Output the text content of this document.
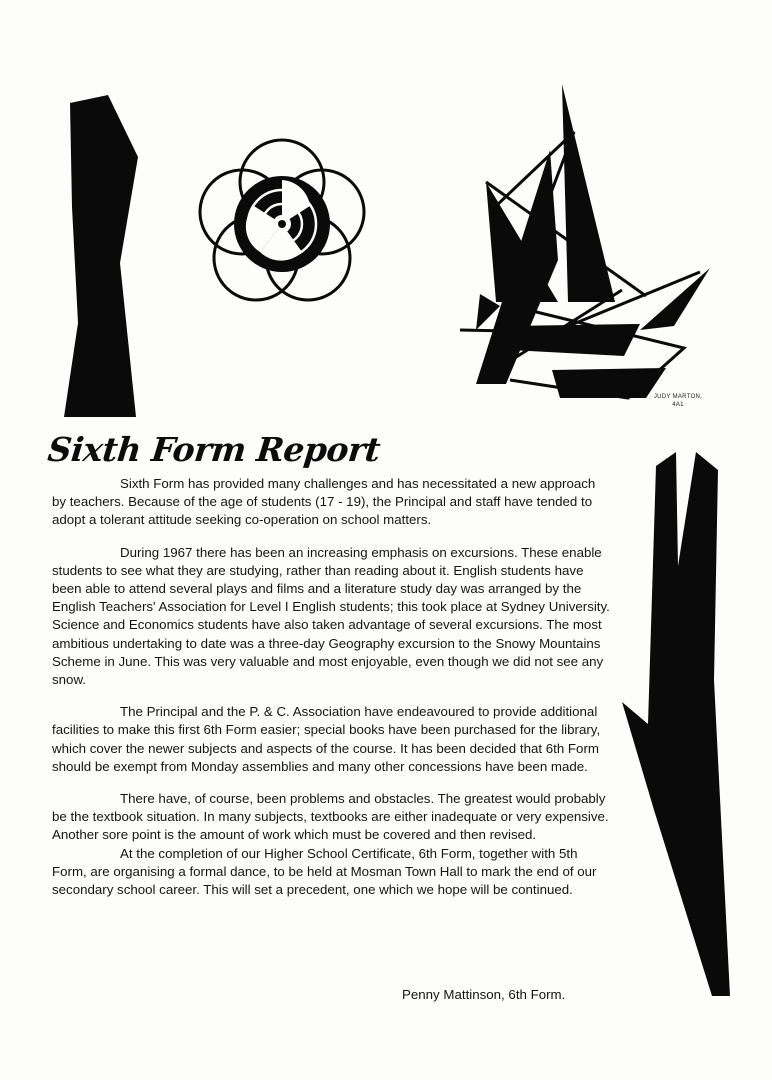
JUDY MARTON,
4A1
Sixth Form Report

Sixth Form has provided many challenges and has necessitated a new approach by teachers. Because of the age of students (17 - 19), the Principal and staff have tended to adopt a tolerant attitude seeking co-operation on school matters.

During 1967 there has been an increasing emphasis on excursions. These enable students to see what they are studying, rather than reading about it. English students have been able to attend several plays and films and a literature study day was arranged by the English Teachers' Association for Level I English students; this took place at Sydney University. Science and Economics students have also taken advantage of several excursions. The most ambitious undertaking to date was a three-day Geography excursion to the Snowy Mountains Scheme in June. This was very valuable and most enjoyable, even though we did not see any snow.

The Principal and the P. & C. Association have endeavoured to provide additional facilities to make this first 6th Form easier; special books have been purchased for the library, which cover the newer subjects and aspects of the course. It has been decided that 6th Form should be exempt from Monday assemblies and many other concessions have been made.

There have, of course, been problems and obstacles. The greatest would probably be the textbook situation. In many subjects, textbooks are either inadequate or very expensive. Another sore point is the amount of work which must be covered and then revised.

At the completion of our Higher School Certificate, 6th Form, together with 5th Form, are organising a formal dance, to be held at Mosman Town Hall to mark the end of our secondary school career. This will set a precedent, one which we hope will be continued.

Penny Mattinson, 6th Form.
